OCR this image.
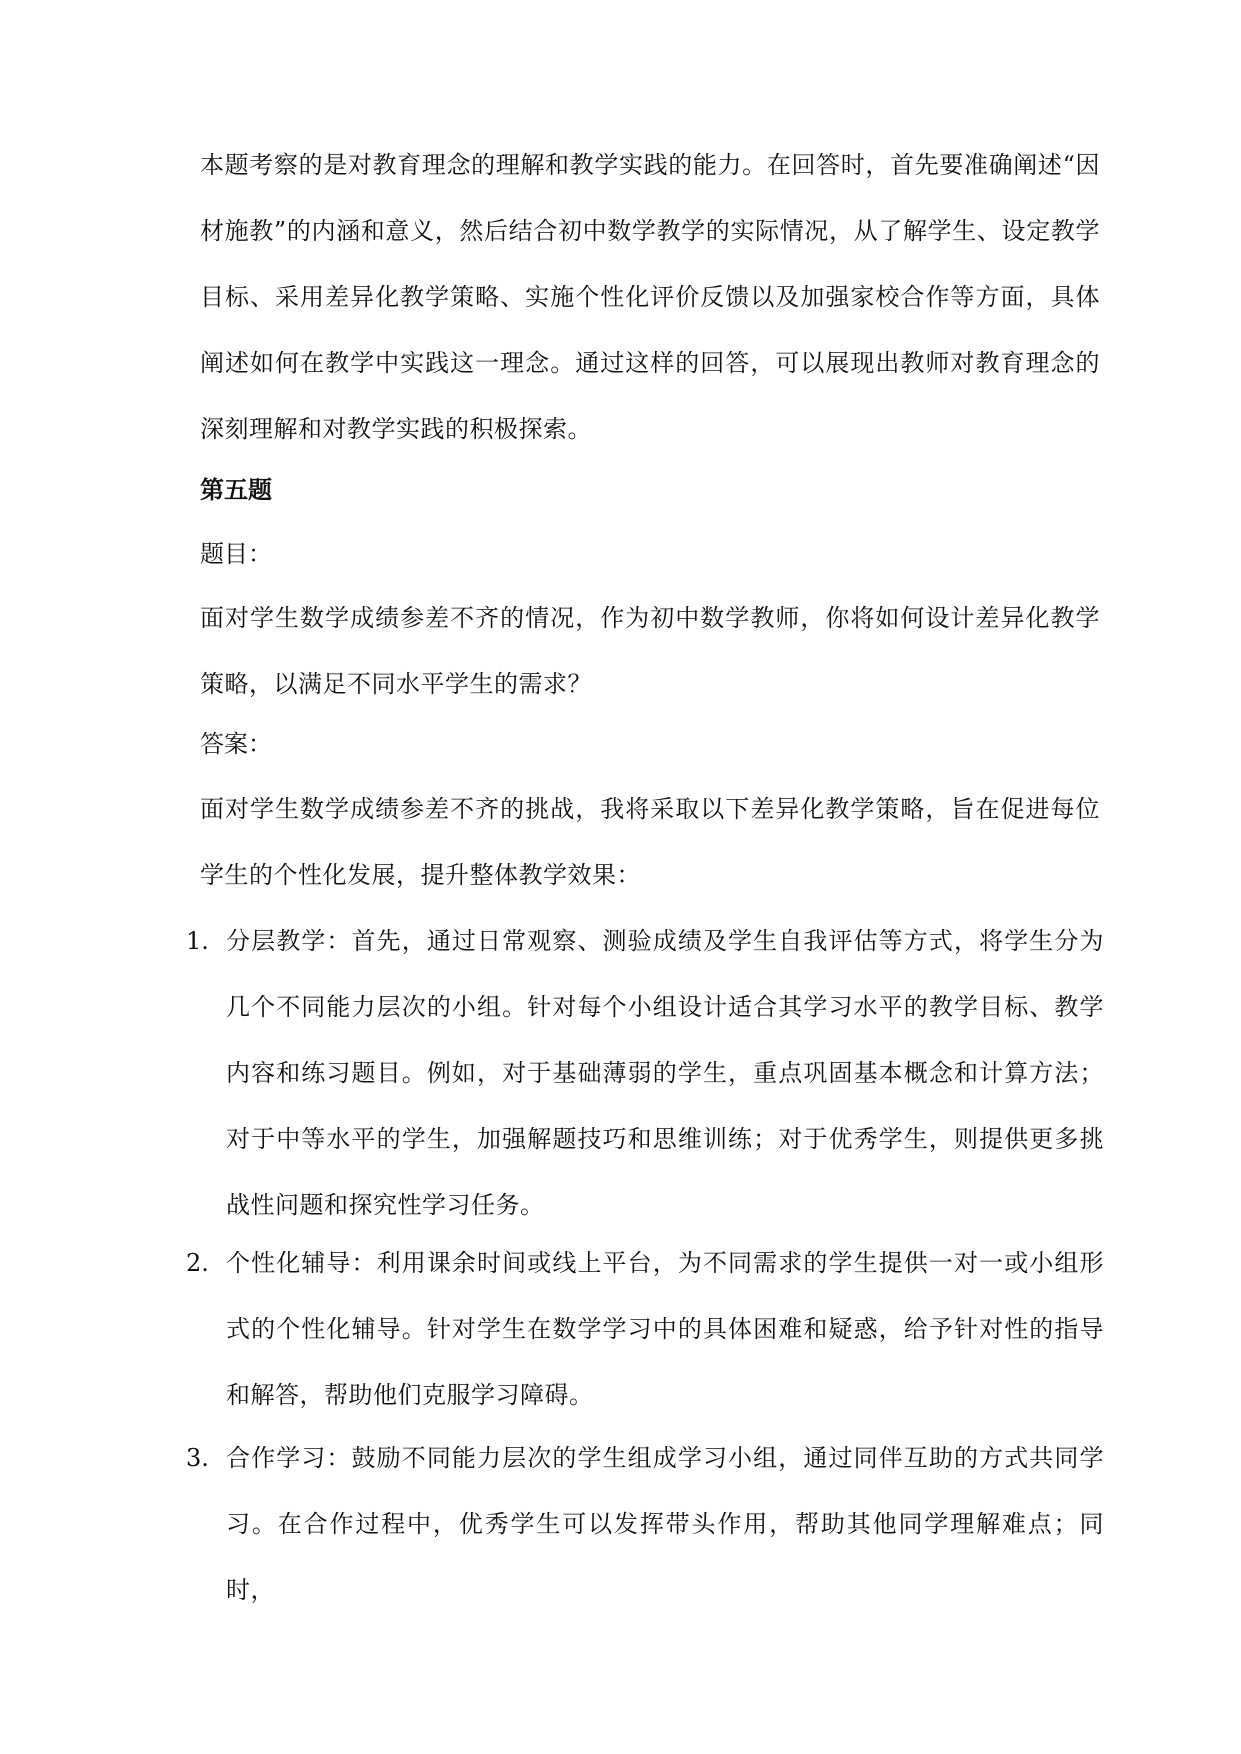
本题考察的是对教育理念的理解和教学实践的能力。在回答时，首先要准确阐述“因材施教”的内涵和意义，然后结合初中数学教学的实际情况，从了解学生、设定教学目标、采用差异化教学策略、实施个性化评价反馈以及加强家校合作等方面，具体阐述如何在教学中实践这一理念。通过这样的回答，可以展现出教师对教育理念的深刻理解和对教学实践的积极探索。

第五题

题目：

面对学生数学成绩参差不齐的情况，作为初中数学教师，你将如何设计差异化教学策略，以满足不同水平学生的需求？

答案：

面对学生数学成绩参差不齐的挑战，我将采取以下差异化教学策略，旨在促进每位学生的个性化发展，提升整体教学效果：

1. 分层教学：首先，通过日常观察、测验成绩及学生自我评估等方式，将学生分为几个不同能力层次的小组。针对每个小组设计适合其学习水平的教学目标、教学内容和练习题目。例如，对于基础薄弱的学生，重点巩固基本概念和计算方法；对于中等水平的学生，加强解题技巧和思维训练；对于优秀学生，则提供更多挑战性问题和探究性学习任务。
2. 个性化辅导：利用课余时间或线上平台，为不同需求的学生提供一对一或小组形式的个性化辅导。针对学生在数学学习中的具体困难和疑惑，给予针对性的指导和解答，帮助他们克服学习障碍。
3. 合作学习：鼓励不同能力层次的学生组成学习小组，通过同伴互助的方式共同学习。在合作过程中，优秀学生可以发挥带头作用，帮助其他同学理解难点；同时，
